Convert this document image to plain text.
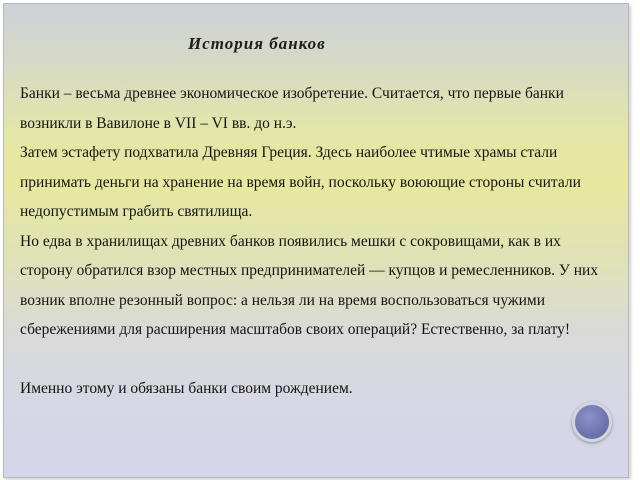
История банков

Банки – весьма древнее экономическое изобретение. Считается, что первые банки возникли в Вавилоне в VII – VI вв. до н.э.

Затем эстафету подхватила Древняя Греция. Здесь наиболее чтимые храмы стали принимать деньги на хранение на время войн, поскольку воюющие стороны считали недопустимым грабить святилища.

Но едва в хранилищах древних банков появились мешки с сокровищами, как в их сторону обратился взор местных предпринимателей — купцов и ремесленников. У них возник вполне резонный вопрос: а нельзя ли на время воспользоваться чужими сбережениями для расширения масштабов своих операций? Естественно, за плату!

Именно этому и обязаны банки своим рождением.
